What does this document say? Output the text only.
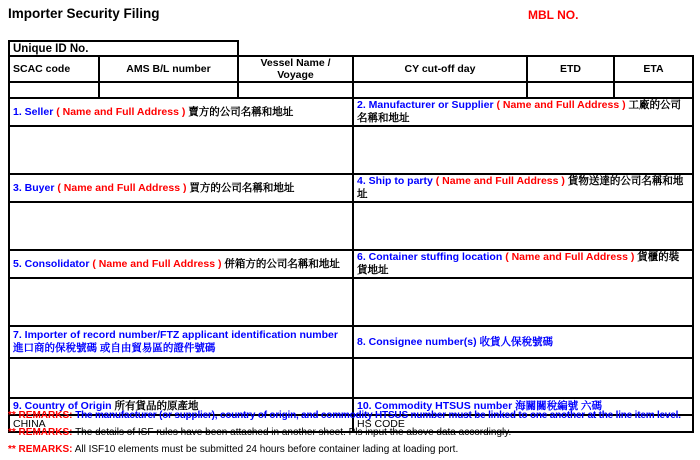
Importer Security Filing	MBL NO.
Unique ID No.
SCAC code	AMS B/L number	Vessel Name / Voyage	CY cut-off day	ETD	ETA

1. Seller ( Name and Full Address ) 賣方的公司名稱和地址			2. Manufacturer or Supplier ( Name and Full Address ) 工廠的公司名稱和地址		

3. Buyer ( Name and Full Address ) 買方的公司名稱和地址			4. Ship to party ( Name and Full Address ) 貨物送達的公司名稱和地址		

5. Consolidator ( Name and Full Address ) 併箱方的公司名稱和地址			6. Container stuffing location ( Name and Full Address ) 貨櫃的裝貨地址		

7. Importer of record number/FTZ applicant identification number
進口商的保稅號碼 或自由貿易區的證件號碼			8. Consignee number(s) 收貨人保稅號碼		

9. Country of Origin 所有貨品的原產地			10. Commodity HTSUS number 海關關稅編號 六碼		
CHINA			HS CODE		
** REMARKS: The manufacturer (or supplier), country of origin, and commodity HTSUS number must be linked to one another at the line item level.
** REMARKS: The details of ISF rules have been attached in another sheet. Pls input the above data accordingly.
** REMARKS: All ISF10 elements must be submitted 24 hours before container lading at loading port.
